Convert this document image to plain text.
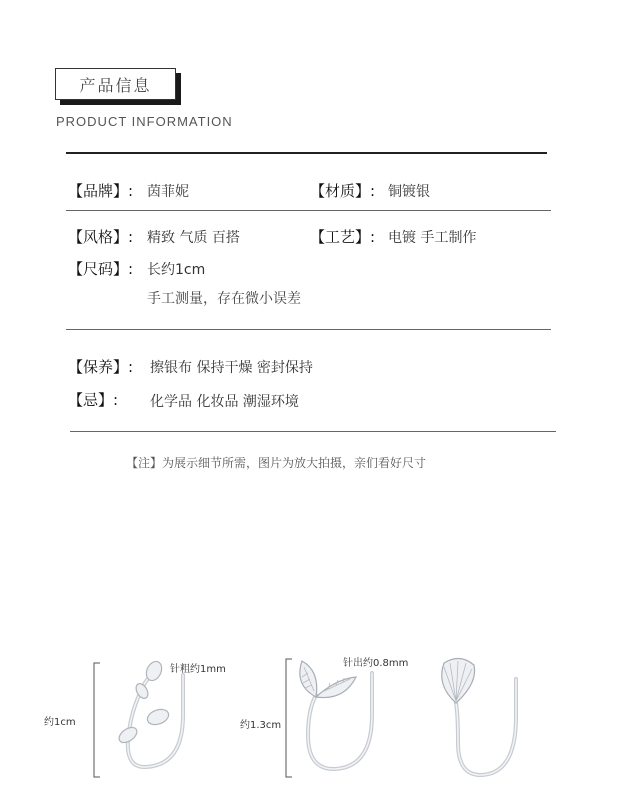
产品信息
PRODUCT INFORMATION
【品牌】: 茵菲妮	【材质】: 铜镀银
【风格】: 精致 气质 百搭	【工艺】: 电镀 手工制作
【尺码】: 长约1cm
手工测量，存在微小误差
【保养】: 擦银布 保持干燥 密封保持
【忌】: 化学品 化妆品 潮湿环境
【注】为展示细节所需，图片为放大拍摄，亲们看好尺寸
约1cm
针粗约1mm
约1.3cm
针出约0.8mm
